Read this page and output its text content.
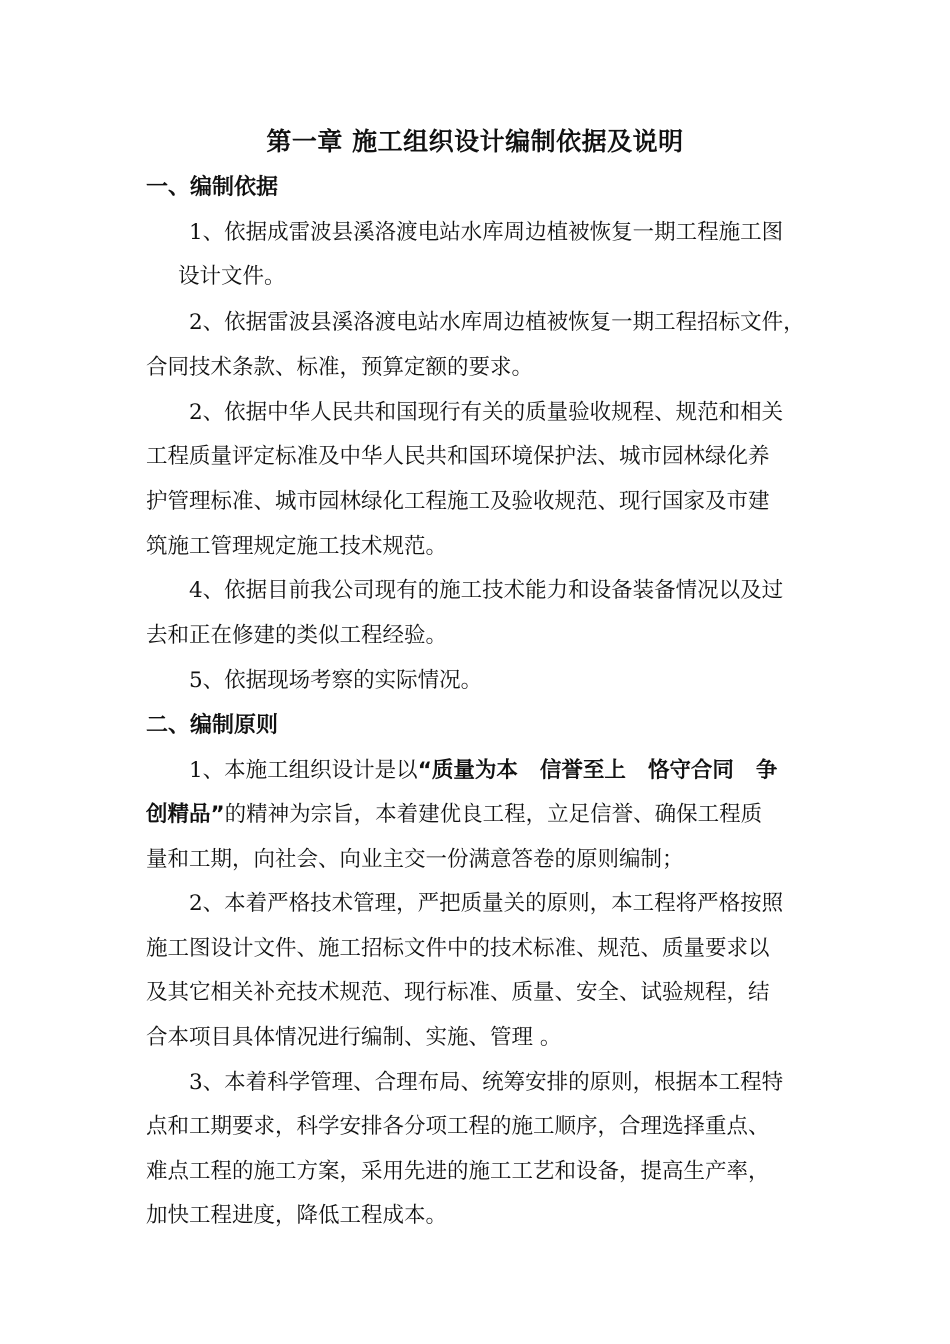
第一章 施工组织设计编制依据及说明
一、编制依据

1、依据成雷波县溪洛渡电站水库周边植被恢复一期工程施工图

设计文件。

2、依据雷波县溪洛渡电站水库周边植被恢复一期工程招标文件，

合同技术条款、标准，预算定额的要求。

2、依据中华人民共和国现行有关的质量验收规程、规范和相关

工程质量评定标准及中华人民共和国环境保护法、城市园林绿化养

护管理标准、城市园林绿化工程施工及验收规范、现行国家及市建

筑施工管理规定施工技术规范。

4、依据目前我公司现有的施工技术能力和设备装备情况以及过

去和正在修建的类似工程经验。

5、依据现场考察的实际情况。

二、编制原则

1、本施工组织设计是以“质量为本 信誉至上 恪守合同 争

创精品”的精神为宗旨，本着建优良工程，立足信誉、确保工程质

量和工期，向社会、向业主交一份满意答卷的原则编制；

2、本着严格技术管理，严把质量关的原则，本工程将严格按照

施工图设计文件、施工招标文件中的技术标准、规范、质量要求以

及其它相关补充技术规范、现行标准、质量、安全、试验规程，结

合本项目具体情况进行编制、实施、管理 。

3、本着科学管理、合理布局、统筹安排的原则，根据本工程特

点和工期要求，科学安排各分项工程的施工顺序，合理选择重点、

难点工程的施工方案，采用先进的施工工艺和设备，提高生产率，

加快工程进度，降低工程成本。
